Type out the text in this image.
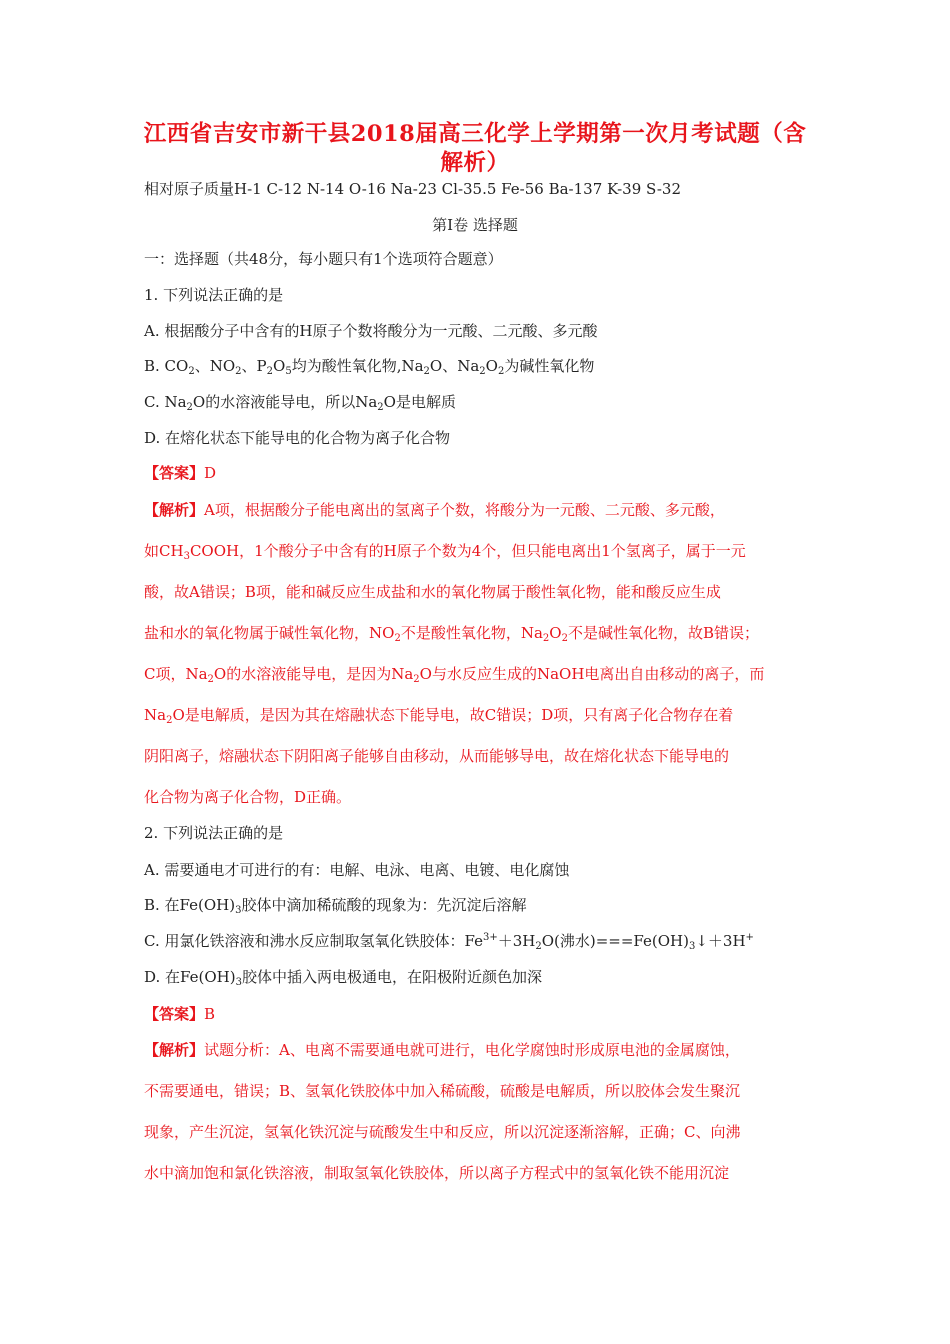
江西省吉安市新干县2018届高三化学上学期第一次月考试题（含解析）
相对原子质量H-1 C-12 N-14 O-16 Na-23 Cl-35.5 Fe-56 Ba-137 K-39 S-32
第Ⅰ卷 选择题
一：选择题（共48分，每小题只有1个选项符合题意）
1. 下列说法正确的是
A. 根据酸分子中含有的H原子个数将酸分为一元酸、二元酸、多元酸
B. $CO_2$、$NO_2$、$P_2O_5$均为酸性氧化物$,Na_2O$、$Na_2O_2$为碱性氧化物
C. $Na_2O$的水溶液能导电，所以$Na_2O$是电解质
D. 在熔化状态下能导电的化合物为离子化合物
【答案】D
【解析】A项，根据酸分子能电离出的氢离子个数，将酸分为一元酸、二元酸、多元酸，
如$CH_3COOH$，1个酸分子中含有的H原子个数为4个，但只能电离出1个氢离子，属于一元
酸，故A错误；B项，能和碱反应生成盐和水的氧化物属于酸性氧化物，能和酸反应生成
盐和水的氧化物属于碱性氧化物，$NO_2$不是酸性氧化物，$Na_2O_2$不是碱性氧化物，故B错误；
C项，$Na_2O$的水溶液能导电，是因为$Na_2O$与水反应生成的NaOH电离出自由移动的离子，而
$Na_2O$是电解质，是因为其在熔融状态下能导电，故C错误；D项，只有离子化合物存在着
阴阳离子，熔融状态下阴阳离子能够自由移动，从而能够导电，故在熔化状态下能导电的
化合物为离子化合物，D正确。
2. 下列说法正确的是
A. 需要通电才可进行的有：电解、电泳、电离、电镀、电化腐蚀
B. 在$Fe(OH)_3$胶体中滴加稀硫酸的现象为：先沉淀后溶解
C. 用氯化铁溶液和沸水反应制取氢氧化铁胶体：$Fe^{3+}+3H_2O$(沸水)$===Fe(OH)_3↓+3H^+$
D. 在$Fe(OH)_3$胶体中插入两电极通电，在阳极附近颜色加深
【答案】B
【解析】试题分析：A、电离不需要通电就可进行，电化学腐蚀时形成原电池的金属腐蚀，
不需要通电，错误；B、氢氧化铁胶体中加入稀硫酸，硫酸是电解质，所以胶体会发生聚沉
现象，产生沉淀，氢氧化铁沉淀与硫酸发生中和反应，所以沉淀逐渐溶解，正确；C、向沸
水中滴加饱和氯化铁溶液，制取氢氧化铁胶体，所以离子方程式中的氢氧化铁不能用沉淀
